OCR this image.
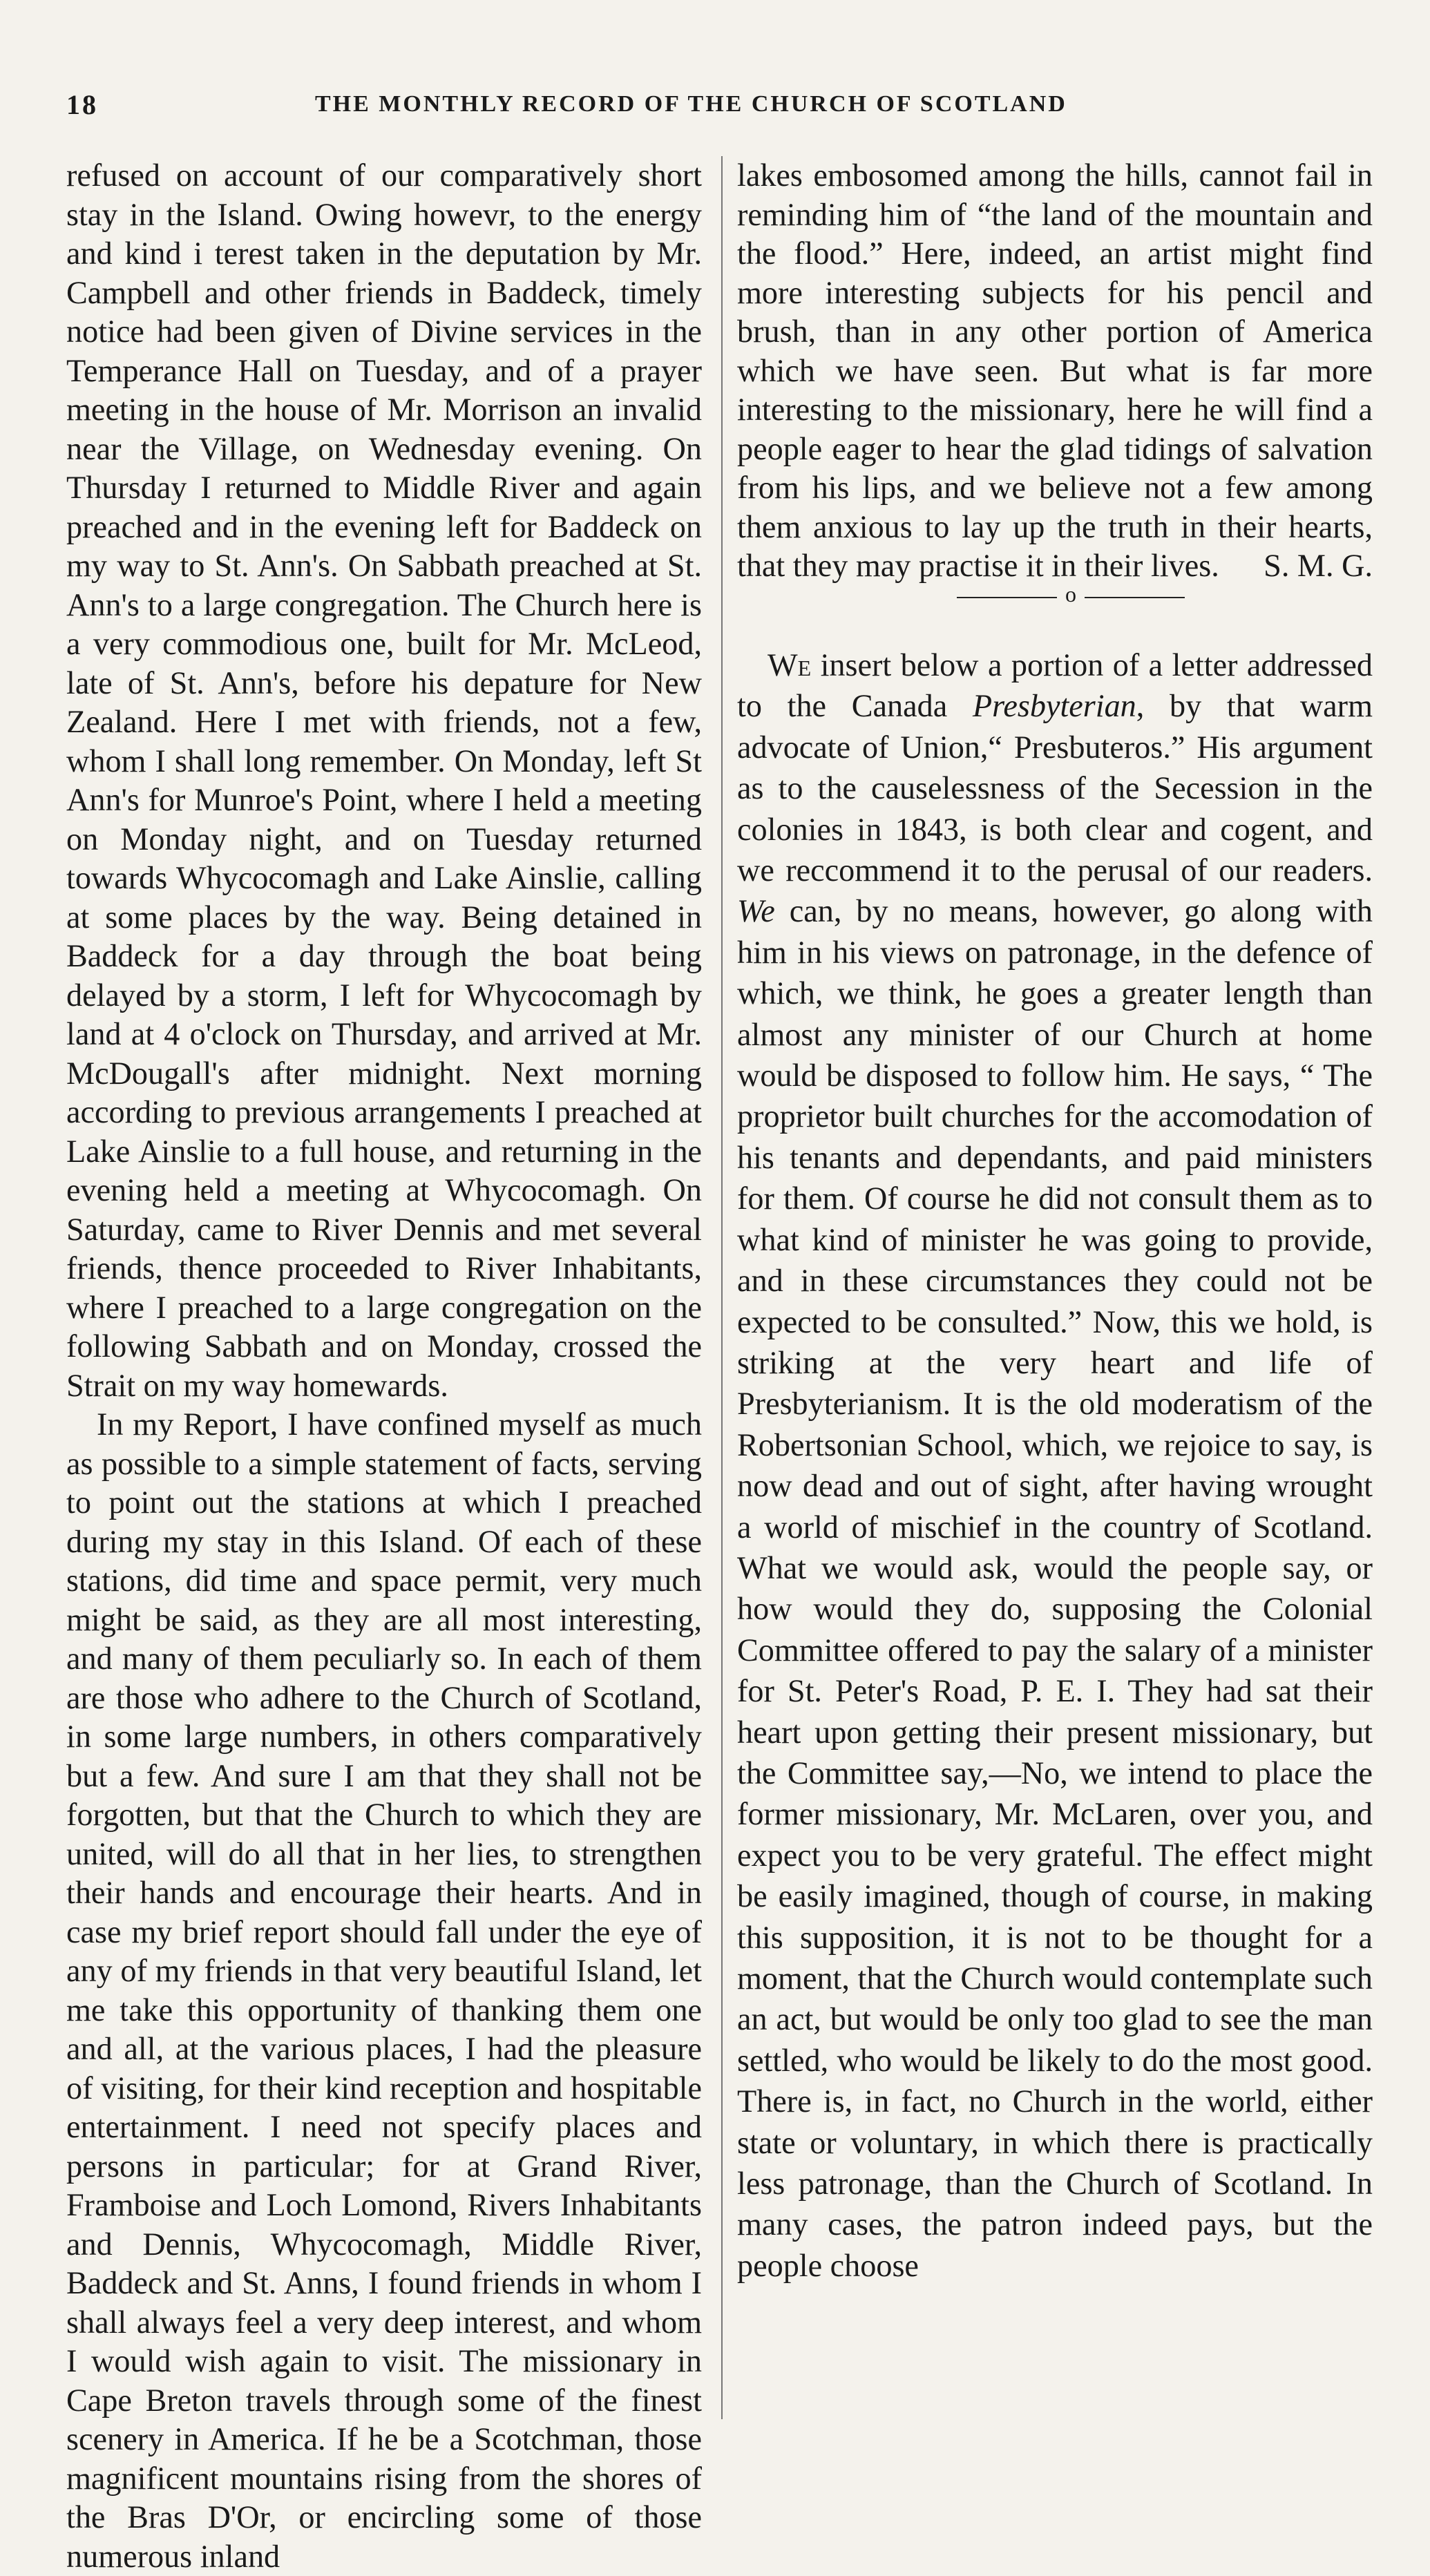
18	THE MONTHLY RECORD OF THE CHURCH OF SCOTLAND

refused on account of our comparatively short stay in the Island. Owing howevr, to the energy and kind i terest taken in the deputation by Mr. Campbell and other friends in Baddeck, timely notice had been given of Divine services in the Temperance Hall on Tuesday, and of a prayer meeting in the house of Mr. Morrison an invalid near the Village, on Wednesday evening. On Thursday I returned to Middle River and again preached and in the evening left for Baddeck on my way to St. Ann's. On Sabbath preached at St. Ann's to a large congregation. The Church here is a very commodious one, built for Mr. McLeod, late of St. Ann's, before his depature for New Zealand. Here I met with friends, not a few, whom I shall long remember. On Monday, left St Ann's for Munroe's Point, where I held a meeting on Monday night, and on Tuesday returned towards Whycocomagh and Lake Ainslie, calling at some places by the way. Being detained in Baddeck for a day through the boat being delayed by a storm, I left for Whycocomagh by land at 4 o'clock on Thursday, and arrived at Mr. McDougall's after midnight. Next morning according to previous arrangements I preached at Lake Ainslie to a full house, and returning in the evening held a meeting at Whycocomagh. On Saturday, came to River Dennis and met several friends, thence proceeded to River Inhabitants, where I preached to a large congregation on the following Sabbath and on Monday, crossed the Strait on my way homewards.

In my Report, I have confined myself as much as possible to a simple statement of facts, serving to point out the stations at which I preached during my stay in this Island. Of each of these stations, did time and space permit, very much might be said, as they are all most interesting, and many of them peculiarly so. In each of them are those who adhere to the Church of Scotland, in some large numbers, in others comparatively but a few. And sure I am that they shall not be forgotten, but that the Church to which they are united, will do all that in her lies, to strengthen their hands and encourage their hearts. And in case my brief report should fall under the eye of any of my friends in that very beautiful Island, let me take this opportunity of thanking them one and all, at the various places, I had the pleasure of visiting, for their kind reception and hospitable entertainment. I need not specify places and persons in particular; for at Grand River, Framboise and Loch Lomond, Rivers Inhabitants and Dennis, Whycocomagh, Middle River, Baddeck and St. Anns, I found friends in whom I shall always feel a very deep interest, and whom I would wish again to visit. The missionary in Cape Breton travels through some of the finest scenery in America. If he be a Scotchman, those magnificent mountains rising from the shores of the Bras D'Or, or encircling some of those numerous inland

lakes embosomed among the hills, cannot fail in reminding him of “the land of the mountain and the flood.” Here, indeed, an artist might find more interesting subjects for his pencil and brush, than in any other portion of America which we have seen. But what is far more interesting to the missionary, here he will find a people eager to hear the glad tidings of salvation from his lips, and we believe not a few among them anxious to lay up the truth in their hearts, that they may practise it in their lives. S. M. G.

o

We insert below a portion of a letter addressed to the Canada Presbyterian, by that warm advocate of Union,“ Presbuteros.” His argument as to the causelessness of the Secession in the colonies in 1843, is both clear and cogent, and we reccommend it to the perusal of our readers. We can, by no means, however, go along with him in his views on patronage, in the defence of which, we think, he goes a greater length than almost any minister of our Church at home would be disposed to follow him. He says, “ The proprietor built churches for the accomodation of his tenants and dependants, and paid ministers for them. Of course he did not consult them as to what kind of minister he was going to provide, and in these circumstances they could not be expected to be consulted.” Now, this we hold, is striking at the very heart and life of Presbyterianism. It is the old moderatism of the Robertsonian School, which, we rejoice to say, is now dead and out of sight, after having wrought a world of mischief in the country of Scotland. What we would ask, would the people say, or how would they do, supposing the Colonial Committee offered to pay the salary of a minister for St. Peter's Road, P. E. I. They had sat their heart upon getting their present missionary, but the Committee say,—No, we intend to place the former missionary, Mr. McLaren, over you, and expect you to be very grateful. The effect might be easily imagined, though of course, in making this supposition, it is not to be thought for a moment, that the Church would contemplate such an act, but would be only too glad to see the man settled, who would be likely to do the most good. There is, in fact, no Church in the world, either state or voluntary, in which there is practically less patronage, than the Church of Scotland. In many cases, the patron indeed pays, but the people choose
